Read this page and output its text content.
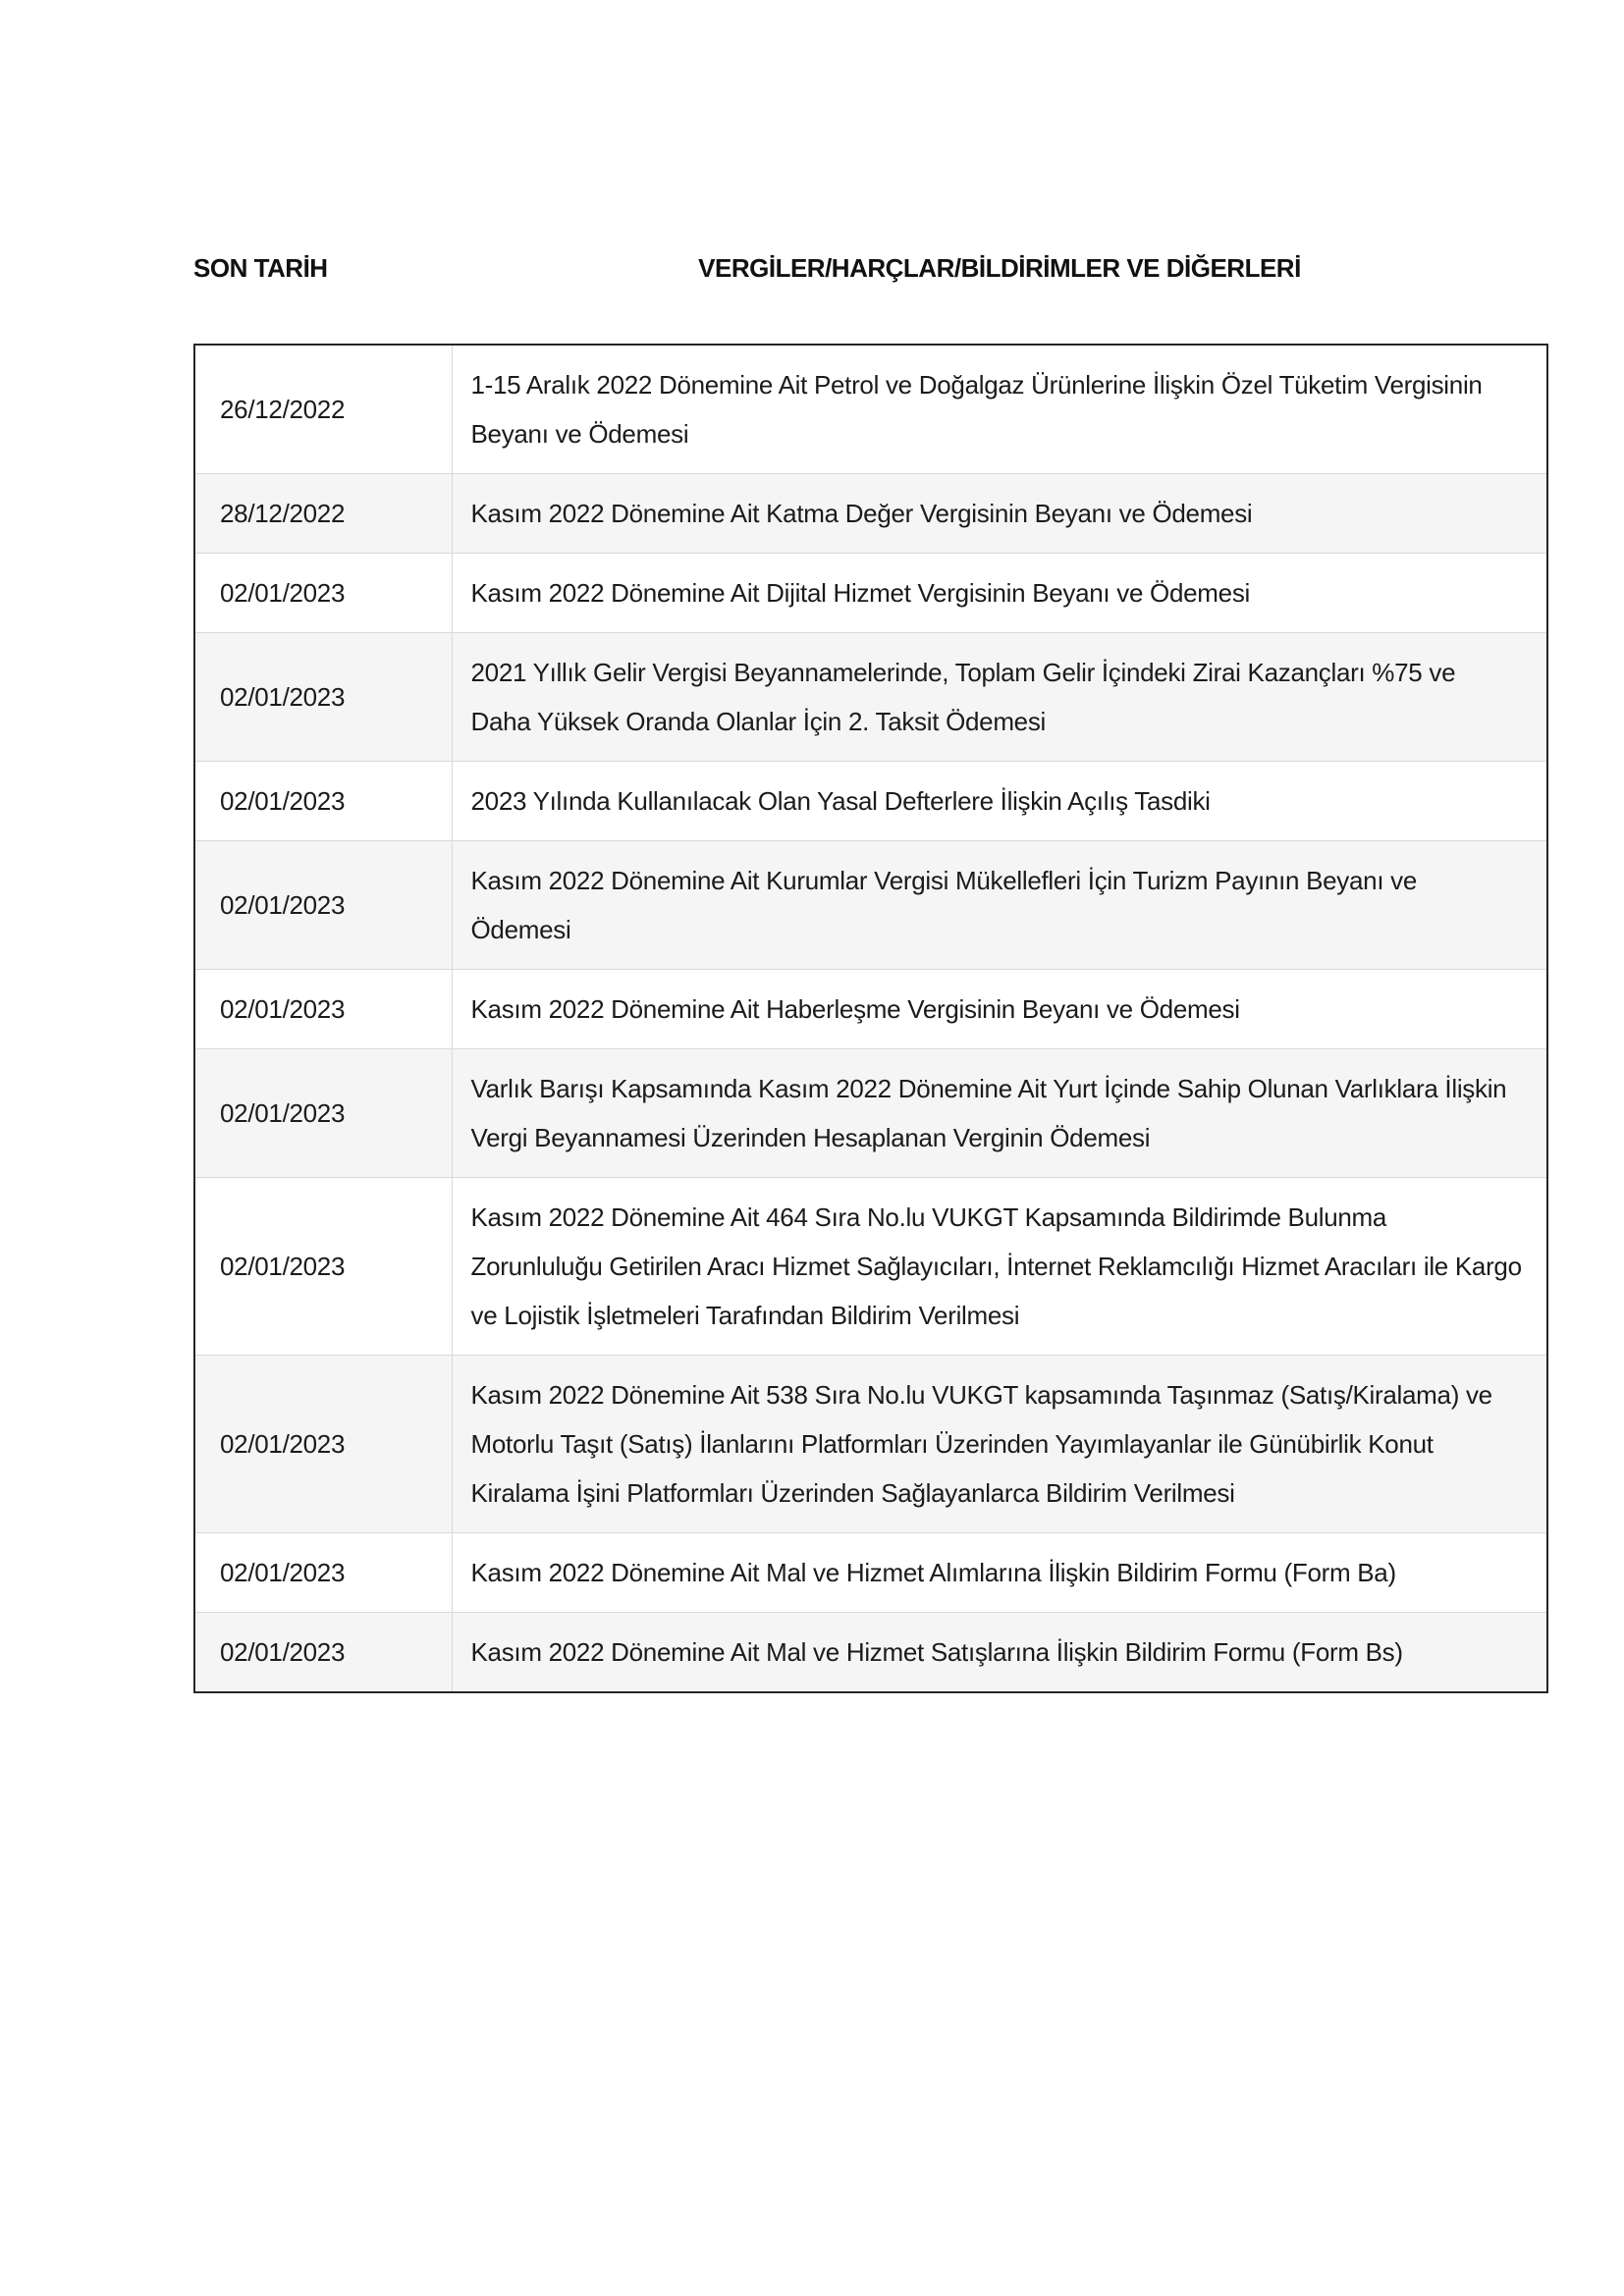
SON TARİH	VERGİLER/HARÇLAR/BİLDİRİMLER VE DİĞERLERİ
26/12/2022	1-15 Aralık 2022 Dönemine Ait Petrol ve Doğalgaz Ürünlerine İlişkin Özel Tüketim Vergisinin Beyanı ve Ödemesi
28/12/2022	Kasım 2022 Dönemine Ait Katma Değer Vergisinin Beyanı ve Ödemesi
02/01/2023	Kasım 2022 Dönemine Ait Dijital Hizmet Vergisinin Beyanı ve Ödemesi
02/01/2023	2021 Yıllık Gelir Vergisi Beyannamelerinde, Toplam Gelir İçindeki Zirai Kazançları %75 ve Daha Yüksek Oranda Olanlar İçin 2. Taksit Ödemesi
02/01/2023	2023 Yılında Kullanılacak Olan Yasal Defterlere İlişkin Açılış Tasdiki
02/01/2023	Kasım 2022 Dönemine Ait Kurumlar Vergisi Mükellefleri İçin Turizm Payının Beyanı ve Ödemesi
02/01/2023	Kasım 2022 Dönemine Ait Haberleşme Vergisinin Beyanı ve Ödemesi
02/01/2023	Varlık Barışı Kapsamında Kasım 2022 Dönemine Ait Yurt İçinde Sahip Olunan Varlıklara İlişkin Vergi Beyannamesi Üzerinden Hesaplanan Verginin Ödemesi
02/01/2023	Kasım 2022 Dönemine Ait 464 Sıra No.lu VUKGT Kapsamında Bildirimde Bulunma Zorunluluğu Getirilen Aracı Hizmet Sağlayıcıları, İnternet Reklamcılığı Hizmet Aracıları ile Kargo ve Lojistik İşletmeleri Tarafından Bildirim Verilmesi
02/01/2023	Kasım 2022 Dönemine Ait 538 Sıra No.lu VUKGT kapsamında Taşınmaz (Satış/Kiralama) ve Motorlu Taşıt (Satış) İlanlarını Platformları Üzerinden Yayımlayanlar ile Günübirlik Konut Kiralama İşini Platformları Üzerinden Sağlayanlarca Bildirim Verilmesi
02/01/2023	Kasım 2022 Dönemine Ait Mal ve Hizmet Alımlarına İlişkin Bildirim Formu (Form Ba)
02/01/2023	Kasım 2022 Dönemine Ait Mal ve Hizmet Satışlarına İlişkin Bildirim Formu (Form Bs)
